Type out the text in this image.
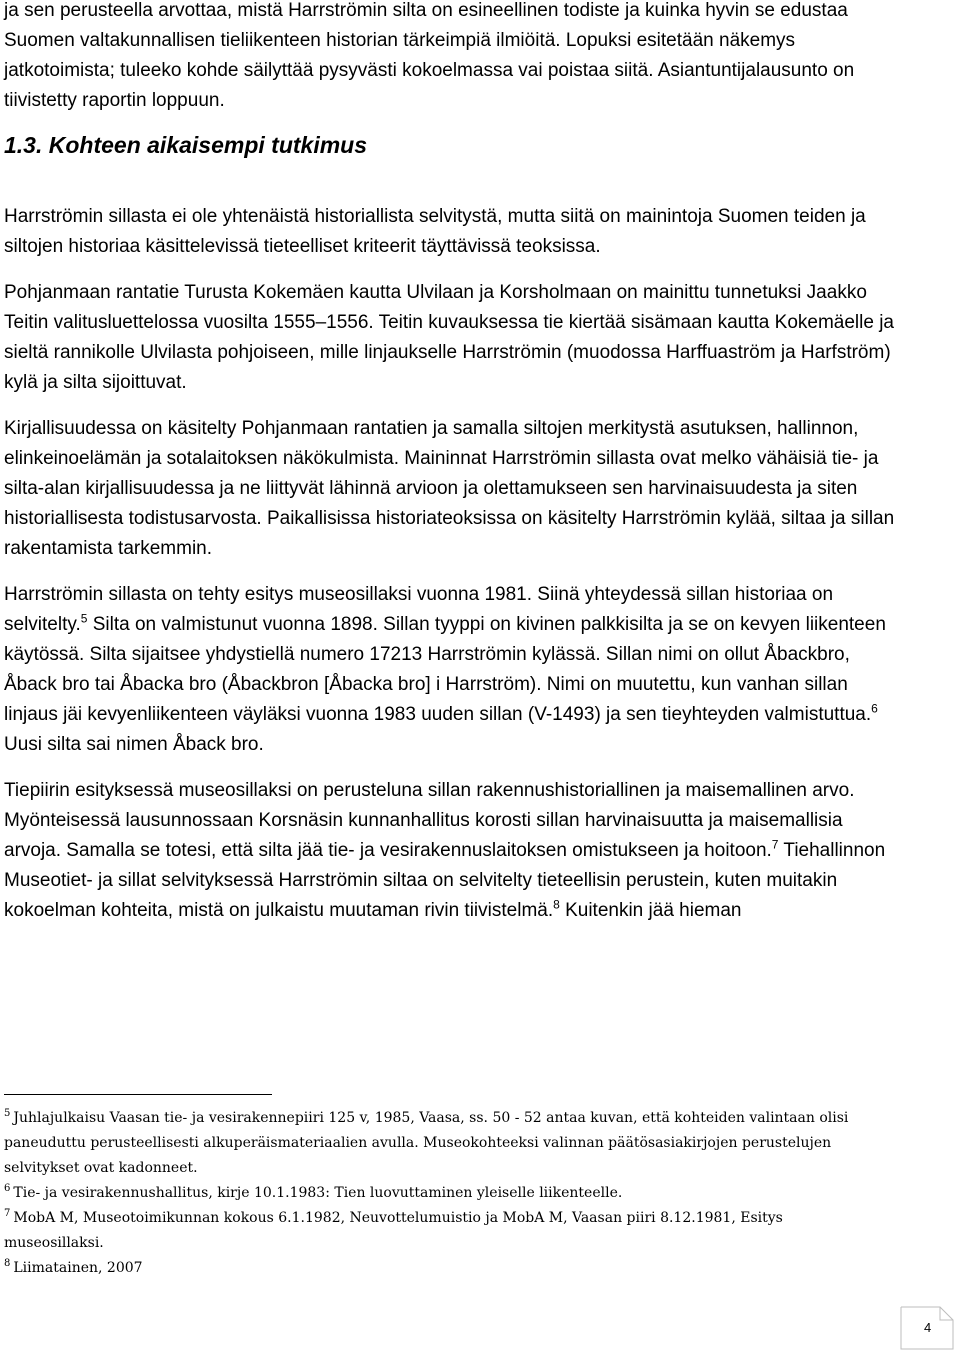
ja sen perusteella arvottaa, mistä Harrströmin silta on esineellinen todiste ja kuinka hyvin se edustaa Suomen valtakunnallisen tieliikenteen historian tärkeimpiä ilmiöitä. Lopuksi esitetään näkemys jatkotoimista; tuleeko kohde säilyttää pysyvästi kokoelmassa vai poistaa siitä. Asiantuntijalausunto on tiivistetty raportin loppuun.

1.3. Kohteen aikaisempi tutkimus

Harrströmin sillasta ei ole yhtenäistä historiallista selvitystä, mutta siitä on mainintoja Suomen teiden ja siltojen historiaa käsittelevissä tieteelliset kriteerit täyttävissä teoksissa.

Pohjanmaan rantatie Turusta Kokemäen kautta Ulvilaan ja Korsholmaan on mainittu tunnetuksi Jaakko Teitin valitusluettelossa vuosilta 1555–1556. Teitin kuvauksessa tie kiertää sisämaan kautta Kokemäelle ja sieltä rannikolle Ulvilasta pohjoiseen, mille linjaukselle Harrströmin (muodossa Harffuaström ja Harfström) kylä ja silta sijoittuvat.

Kirjallisuudessa on käsitelty Pohjanmaan rantatien ja samalla siltojen merkitystä asutuksen, hallinnon, elinkeinoelämän ja sotalaitoksen näkökulmista. Maininnat Harrströmin sillasta ovat melko vähäisiä tie- ja silta-alan kirjallisuudessa ja ne liittyvät lähinnä arvioon ja olettamukseen sen harvinaisuudesta ja siten historiallisesta todistusarvosta. Paikallisissa historiateoksissa on käsitelty Harrströmin kylää, siltaa ja sillan rakentamista tarkemmin.

Harrströmin sillasta on tehty esitys museosillaksi vuonna 1981. Siinä yhteydessä sillan historiaa on selvitelty.$^5$ Silta on valmistunut vuonna 1898. Sillan tyyppi on kivinen palkkisilta ja se on kevyen liikenteen käytössä. Silta sijaitsee yhdystiellä numero 17213 Harrströmin kylässä. Sillan nimi on ollut Åbackbro, Åback bro tai Åbacka bro (Åbackbron [Åbacka bro] i Harrström). Nimi on muutettu, kun vanhan sillan linjaus jäi kevyenliikenteen väyläksi vuonna 1983 uuden sillan (V-1493) ja sen tieyhteyden valmistuttua.$^6$ Uusi silta sai nimen Åback bro.

Tiepiirin esityksessä museosillaksi on perusteluna sillan rakennushistoriallinen ja maisemallinen arvo. Myönteisessä lausunnossaan Korsnäsin kunnanhallitus korosti sillan harvinaisuutta ja maisemallisia arvoja. Samalla se totesi, että silta jää tie- ja vesirakennuslaitoksen omistukseen ja hoitoon.$^7$ Tiehallinnon Museotiet- ja sillat selvityksessä Harrströmin siltaa on selvitelty tieteellisin perustein, kuten muitakin kokoelman kohteita, mistä on julkaistu muutaman rivin tiivistelmä.$^8$ Kuitenkin jää hieman

$^5$ Juhlajulkaisu Vaasan tie- ja vesirakennepiiri 125 v, 1985, Vaasa, ss. 50 - 52 antaa kuvan, että kohteiden valintaan olisi paneuduttu perusteellisesti alkuperäismateriaalien avulla. Museokohteeksi valinnan päätösasiakirjojen perustelujen selvitykset ovat kadonneet.

$^6$ Tie- ja vesirakennushallitus, kirje 10.1.1983: Tien luovuttaminen yleiselle liikenteelle.

$^7$ MobA M, Museotoimikunnan kokous 6.1.1982, Neuvottelumuistio ja MobA M, Vaasan piiri 8.12.1981, Esitys museosillaksi.

$^8$ Liimatainen, 2007

4
